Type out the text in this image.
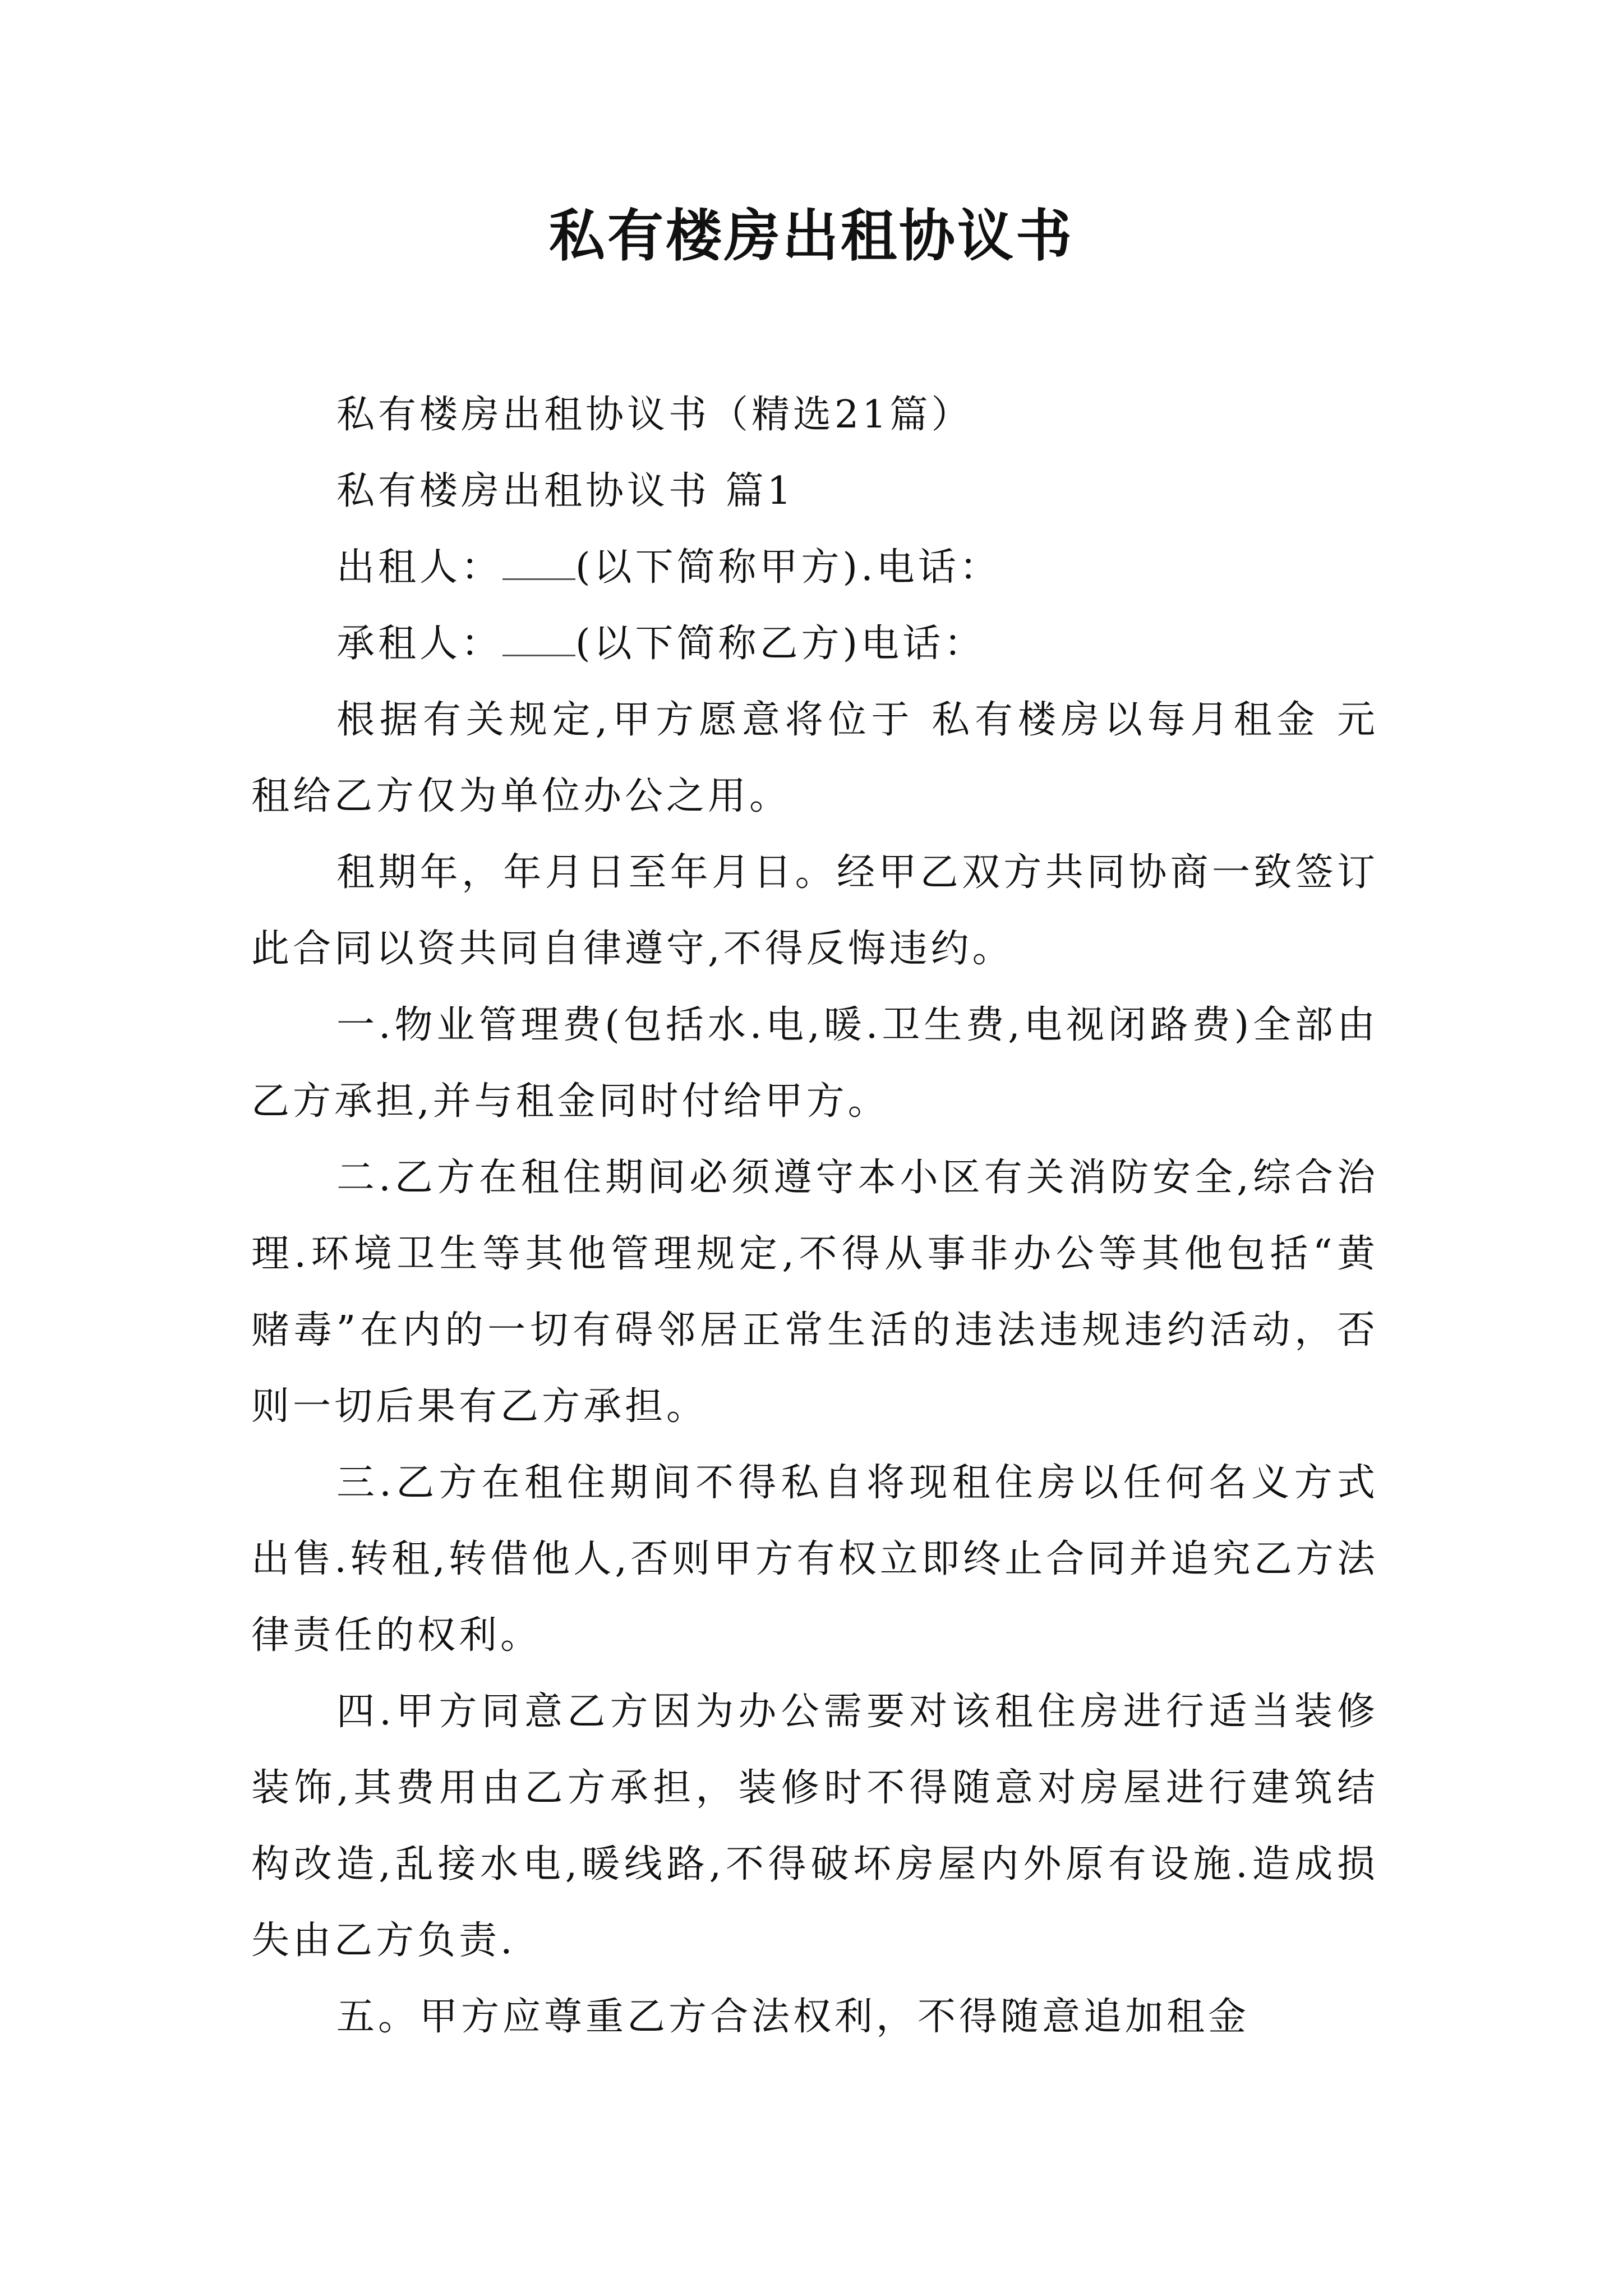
私有楼房出租协议书

私有楼房出租协议书（精选21篇）

私有楼房出租协议书 篇1

出租人： (以下简称甲方).电话：

承租人： (以下简称乙方)电话：

根据有关规定,甲方愿意将位于 私有楼房以每月租金 元租给乙方仅为单位办公之用。

租期年，年月日至年月日。经甲乙双方共同协商一致签订此合同以资共同自律遵守,不得反悔违约。

一.物业管理费(包括水.电,暖.卫生费,电视闭路费)全部由乙方承担,并与租金同时付给甲方。

二.乙方在租住期间必须遵守本小区有关消防安全,综合治理.环境卫生等其他管理规定,不得从事非办公等其他包括“黄赌毒”在内的一切有碍邻居正常生活的违法违规违约活动，否则一切后果有乙方承担。

三.乙方在租住期间不得私自将现租住房以任何名义方式出售.转租,转借他人,否则甲方有权立即终止合同并追究乙方法律责任的权利。

四.甲方同意乙方因为办公需要对该租住房进行适当装修装饰,其费用由乙方承担，装修时不得随意对房屋进行建筑结构改造,乱接水电,暖线路,不得破坏房屋内外原有设施.造成损失由乙方负责.

五。甲方应尊重乙方合法权利，不得随意追加租金
